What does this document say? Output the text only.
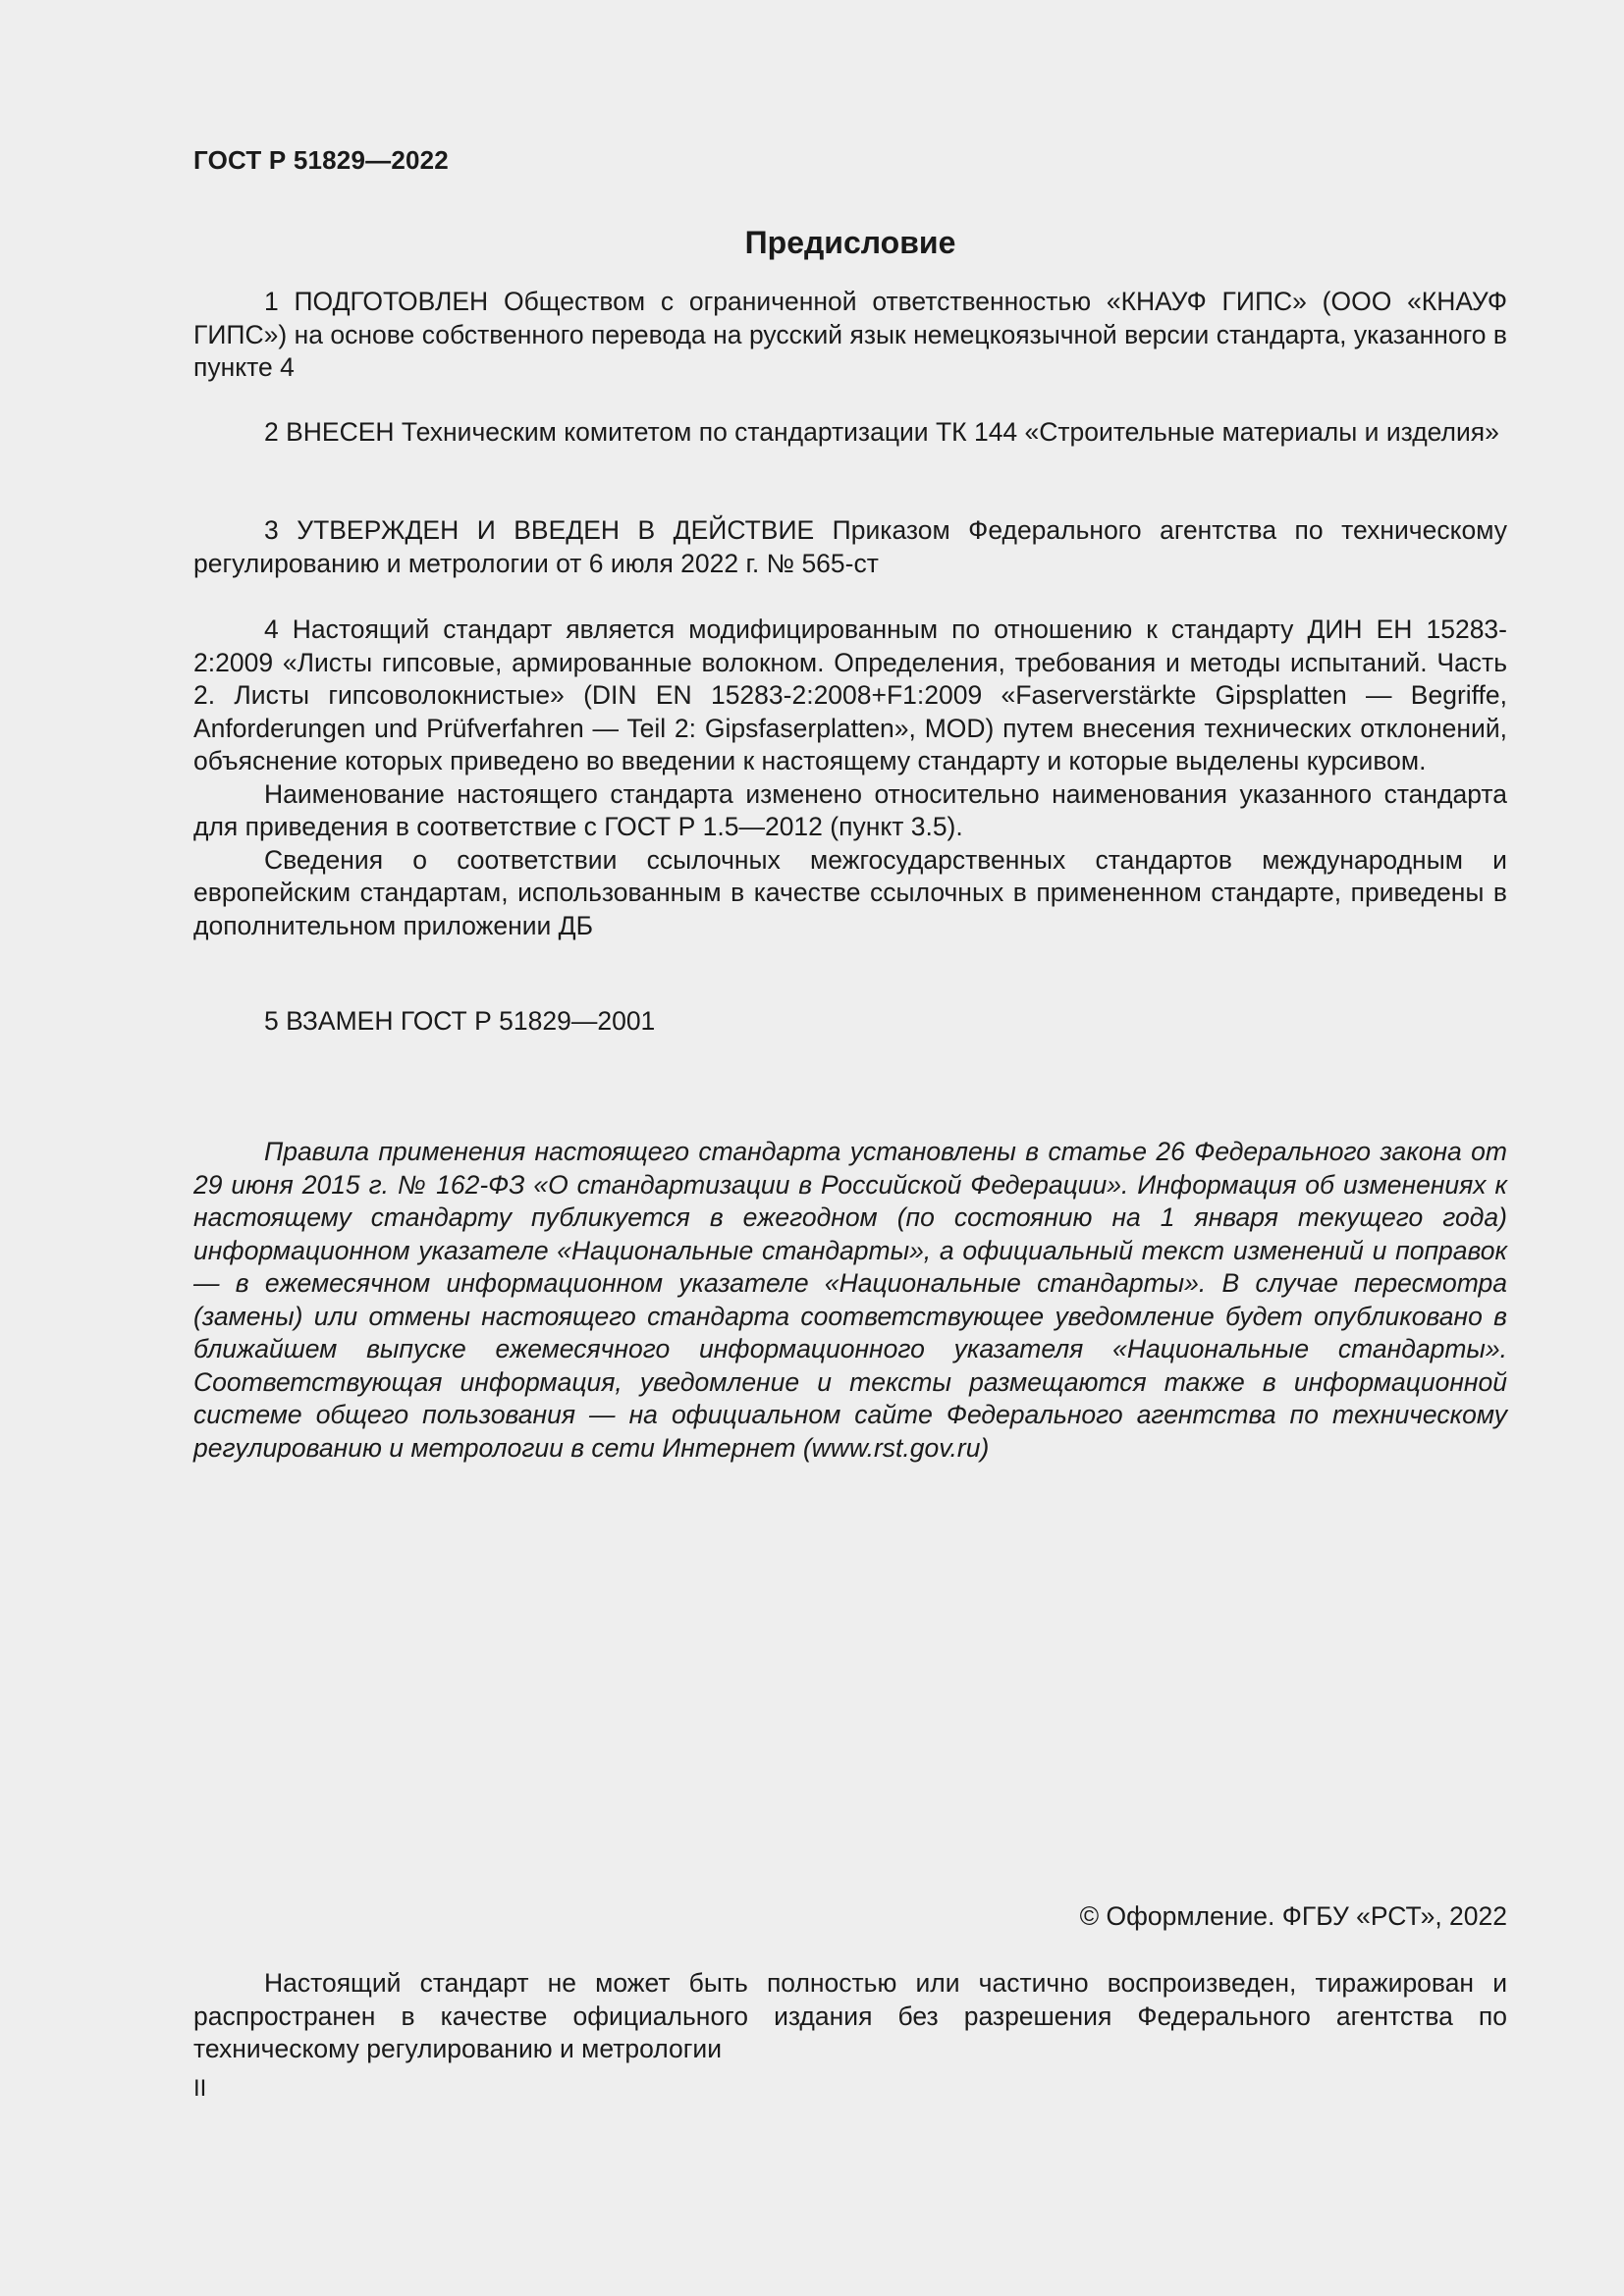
ГОСТ Р 51829—2022
Предисловие

1 ПОДГОТОВЛЕН Обществом с ограниченной ответственностью «КНАУФ ГИПС» (ООО «КНАУФ ГИПС») на основе собственного перевода на русский язык немецкоязычной версии стандарта, указанного в пункте 4

2 ВНЕСЕН Техническим комитетом по стандартизации ТК 144 «Строительные материалы и изделия»

3 УТВЕРЖДЕН И ВВЕДЕН В ДЕЙСТВИЕ Приказом Федерального агентства по техническому регулированию и метрологии от 6 июля 2022 г. № 565-ст

4 Настоящий стандарт является модифицированным по отношению к стандарту ДИН ЕН 15283-2:2009 «Листы гипсовые, армированные волокном. Определения, требования и методы испытаний. Часть 2. Листы гипсоволокнистые» (DIN EN 15283-2:2008+F1:2009 «Faserverstärkte Gipsplatten — Begriffe, Anforderungen und Prüfverfahren — Teil 2: Gipsfaserplatten», MOD) путем внесения технических отклонений, объяснение которых приведено во введении к настоящему стандарту и которые выделены курсивом.

Наименование настоящего стандарта изменено относительно наименования указанного стандарта для приведения в соответствие с ГОСТ Р 1.5—2012 (пункт 3.5).

Сведения о соответствии ссылочных межгосударственных стандартов международным и европейским стандартам, использованным в качестве ссылочных в примененном стандарте, приведены в дополнительном приложении ДБ

5 ВЗАМЕН ГОСТ Р 51829—2001

Правила применения настоящего стандарта установлены в статье 26 Федерального закона от 29 июня 2015 г. № 162-ФЗ «О стандартизации в Российской Федерации». Информация об изменениях к настоящему стандарту публикуется в ежегодном (по состоянию на 1 января текущего года) информационном указателе «Национальные стандарты», а официальный текст изменений и поправок — в ежемесячном информационном указателе «Национальные стандарты». В случае пересмотра (замены) или отмены настоящего стандарта соответствующее уведомление будет опубликовано в ближайшем выпуске ежемесячного информационного указателя «Национальные стандарты». Соответствующая информация, уведомление и тексты размещаются также в информационной системе общего пользования — на официальном сайте Федерального агентства по техническому регулированию и метрологии в сети Интернет (www.rst.gov.ru)

© Оформление. ФГБУ «РСТ», 2022

Настоящий стандарт не может быть полностью или частично воспроизведен, тиражирован и распространен в качестве официального издания без разрешения Федерального агентства по техническому регулированию и метрологии

II
